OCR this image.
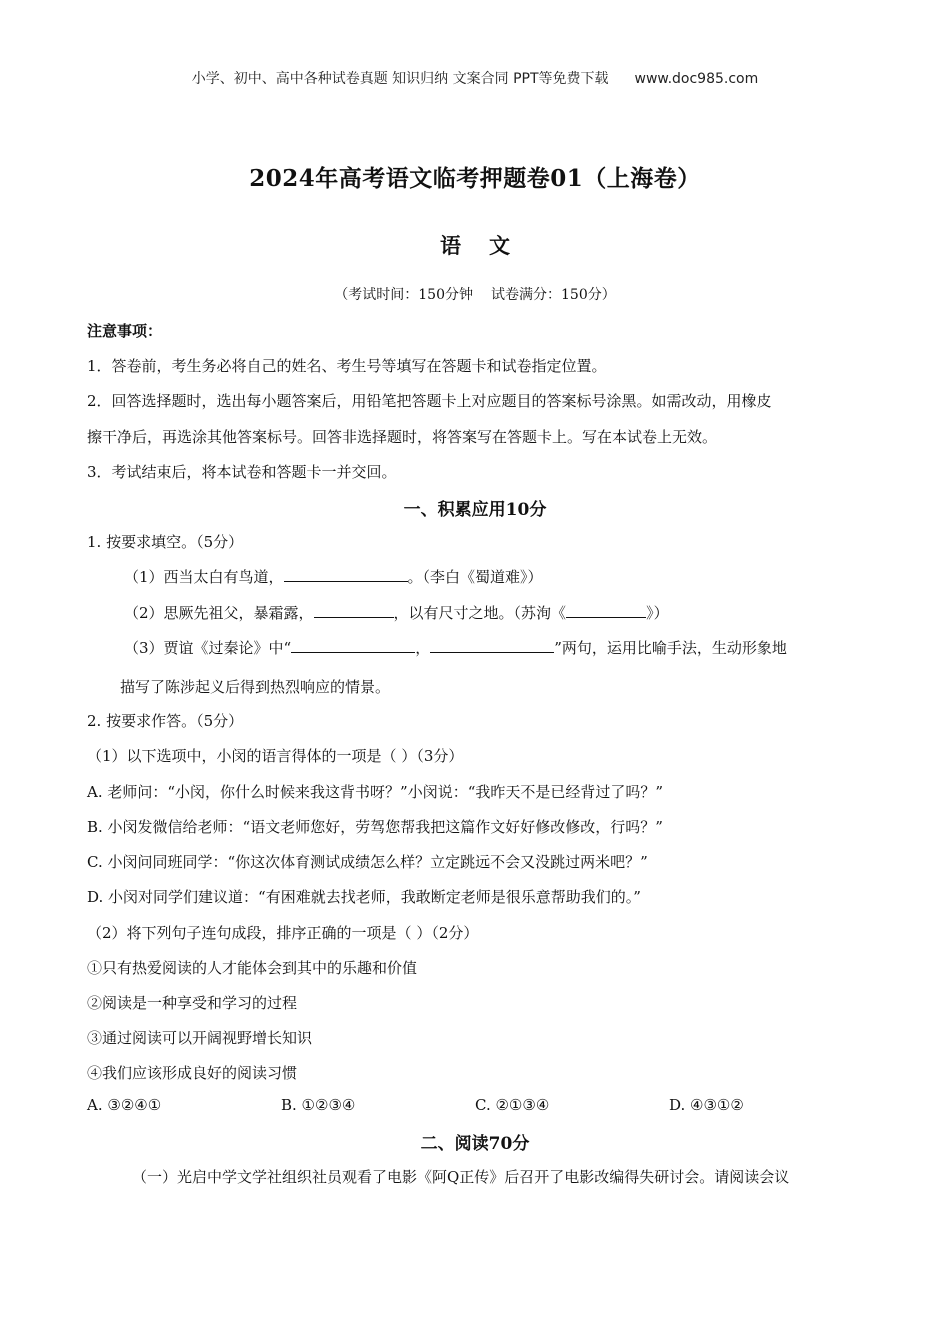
小学、初中、高中各种试卷真题 知识归纳 文案合同 PPT等免费下载 www.doc985.com
2024年高考语文临考押题卷01（上海卷）
语文
（考试时间：150分钟 试卷满分：150分）
注意事项：
1．答卷前，考生务必将自己的姓名、考生号等填写在答题卡和试卷指定位置。
2．回答选择题时，选出每小题答案后，用铅笔把答题卡上对应题目的答案标号涂黑。如需改动，用橡皮
擦干净后，再选涂其他答案标号。回答非选择题时，将答案写在答题卡上。写在本试卷上无效。
3．考试结束后，将本试卷和答题卡一并交回。
一、积累应用10分
1. 按要求填空。（5分）
（1）西当太白有鸟道，	。（李白《蜀道难》）
（2）思厥先祖父，暴霜露，	，以有尺寸之地。（苏洵《	》）
（3）贾谊《过秦论》中“	，	”两句，运用比喻手法，生动形象地
描写了陈涉起义后得到热烈响应的情景。
2. 按要求作答。（5分）
（1）以下选项中，小闵的语言得体的一项是（ ）（3分）
A. 老师问：“小闵，你什么时候来我这背书呀？”小闵说：“我昨天不是已经背过了吗？”
B. 小闵发微信给老师：“语文老师您好，劳驾您帮我把这篇作文好好修改修改，行吗？”
C. 小闵问同班同学：“你这次体育测试成绩怎么样？立定跳远不会又没跳过两米吧？”
D. 小闵对同学们建议道：“有困难就去找老师，我敢断定老师是很乐意帮助我们的。”
（2）将下列句子连句成段，排序正确的一项是（ ）（2分）
①只有热爱阅读的人才能体会到其中的乐趣和价值
②阅读是一种享受和学习的过程
③通过阅读可以开阔视野增长知识
④我们应该形成良好的阅读习惯
A. ③②④①	B. ①②③④	C. ②①③④	D. ④③①②
二、阅读70分
（一）光启中学文学社组织社员观看了电影《阿Q正传》后召开了电影改编得失研讨会。请阅读会议
